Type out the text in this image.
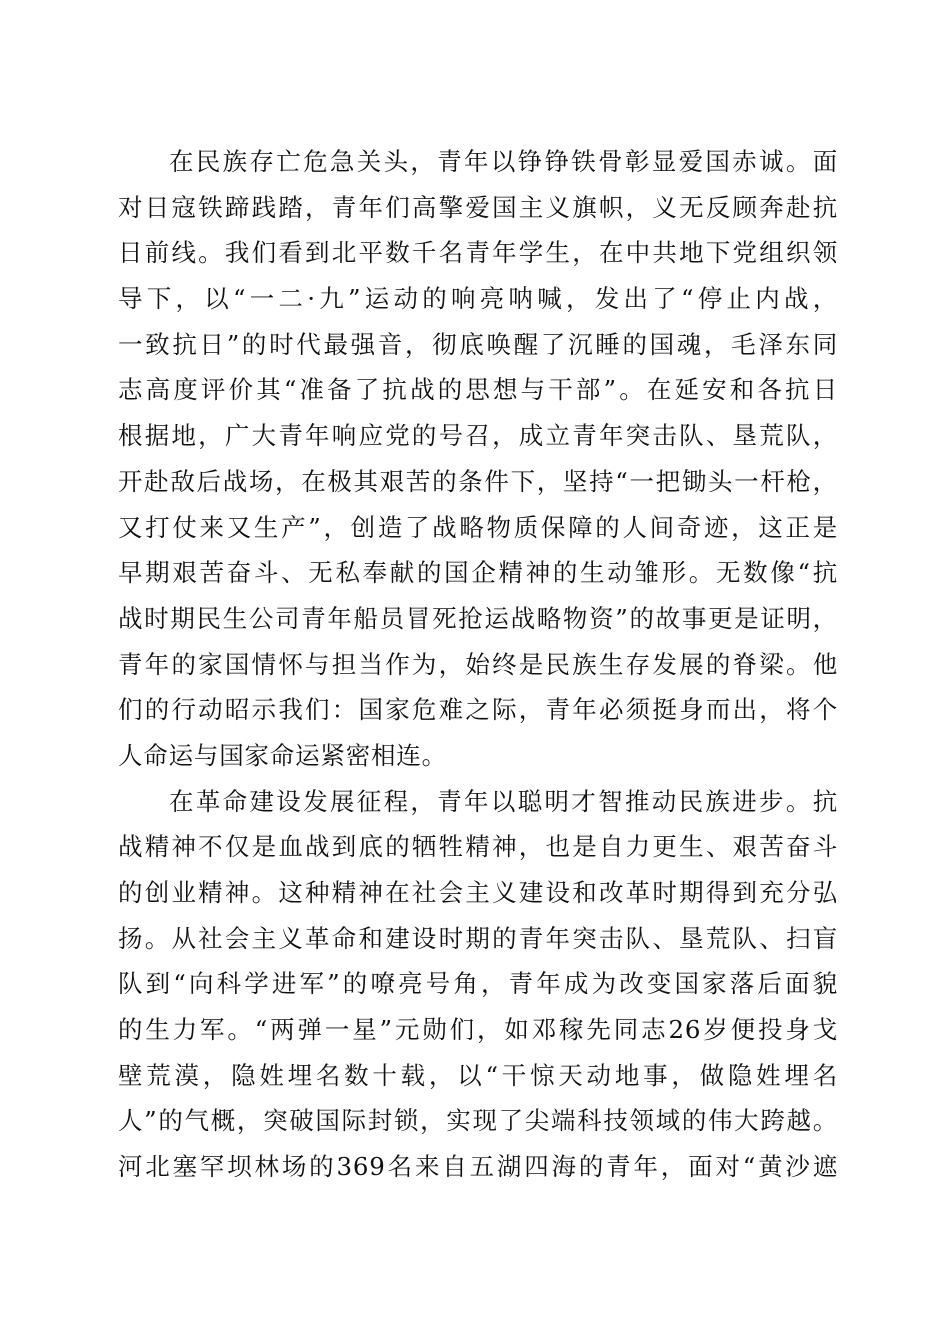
在民族存亡危急关头，青年以铮铮铁骨彰显爱国赤诚。面
对日寇铁蹄践踏，青年们高擎爱国主义旗帜，义无反顾奔赴抗
日前线。我们看到北平数千名青年学生，在中共地下党组织领
导下，以“一二·九”运动的响亮呐喊，发出了“停止内战，
一致抗日”的时代最强音，彻底唤醒了沉睡的国魂，毛泽东同
志高度评价其“准备了抗战的思想与干部”。在延安和各抗日
根据地，广大青年响应党的号召，成立青年突击队、垦荒队，
开赴敌后战场，在极其艰苦的条件下，坚持“一把锄头一杆枪，
又打仗来又生产”，创造了战略物质保障的人间奇迹，这正是
早期艰苦奋斗、无私奉献的国企精神的生动雏形。无数像“抗
战时期民生公司青年船员冒死抢运战略物资”的故事更是证明，
青年的家国情怀与担当作为，始终是民族生存发展的脊梁。他
们的行动昭示我们：国家危难之际，青年必须挺身而出，将个
人命运与国家命运紧密相连。
在革命建设发展征程，青年以聪明才智推动民族进步。抗
战精神不仅是血战到底的牺牲精神，也是自力更生、艰苦奋斗
的创业精神。这种精神在社会主义建设和改革时期得到充分弘
扬。从社会主义革命和建设时期的青年突击队、垦荒队、扫盲
队到“向科学进军”的嘹亮号角，青年成为改变国家落后面貌
的生力军。“两弹一星”元勋们，如邓稼先同志26岁便投身戈
壁荒漠，隐姓埋名数十载，以“干惊天动地事，做隐姓埋名
人”的气概，突破国际封锁，实现了尖端科技领域的伟大跨越。
河北塞罕坝林场的369名来自五湖四海的青年，面对“黄沙遮
